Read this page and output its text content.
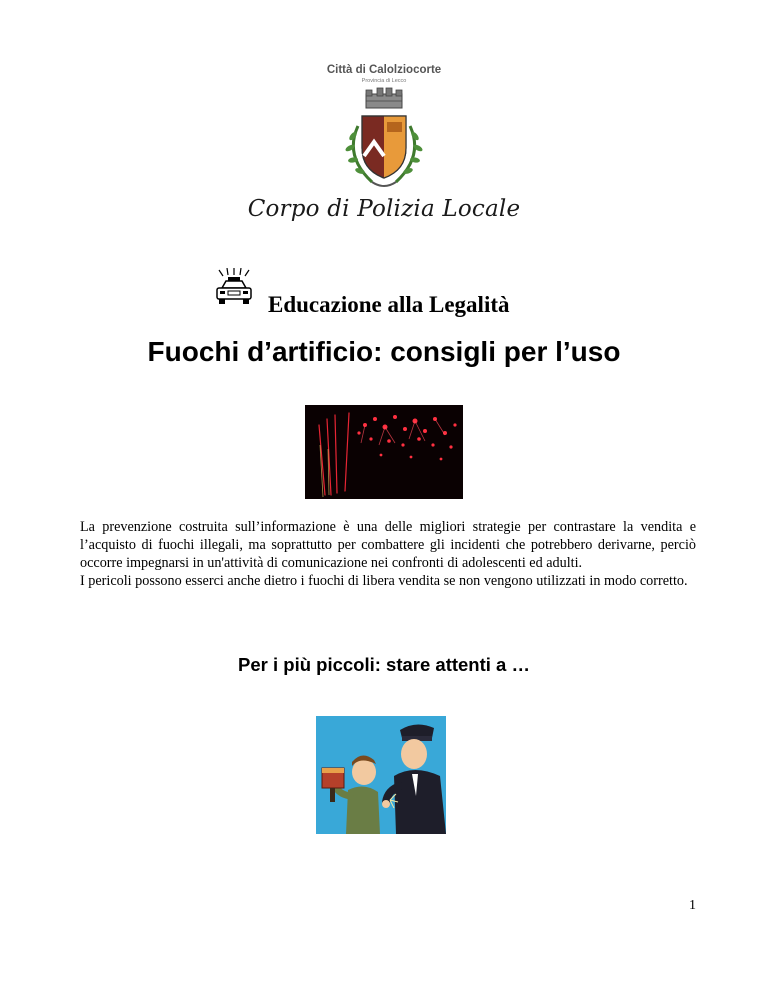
Città di Calolziocorte
Provincia di Lecco
Corpo di Polizia Locale
Educazione alla Legalità
Fuochi d’artificio: consigli per l’uso

La prevenzione costruita sull’informazione è una delle migliori strategie per contrastare la vendita e l’acquisto di fuochi illegali, ma soprattutto per combattere gli incidenti che potrebbero derivarne, perciò occorre impegnarsi in un'attività di comunicazione nei confronti di adolescenti ed adulti.

I pericoli possono esserci anche dietro i fuochi di libera vendita se non vengono utilizzati in modo corretto.

Per i più piccoli: stare attenti a …
1
